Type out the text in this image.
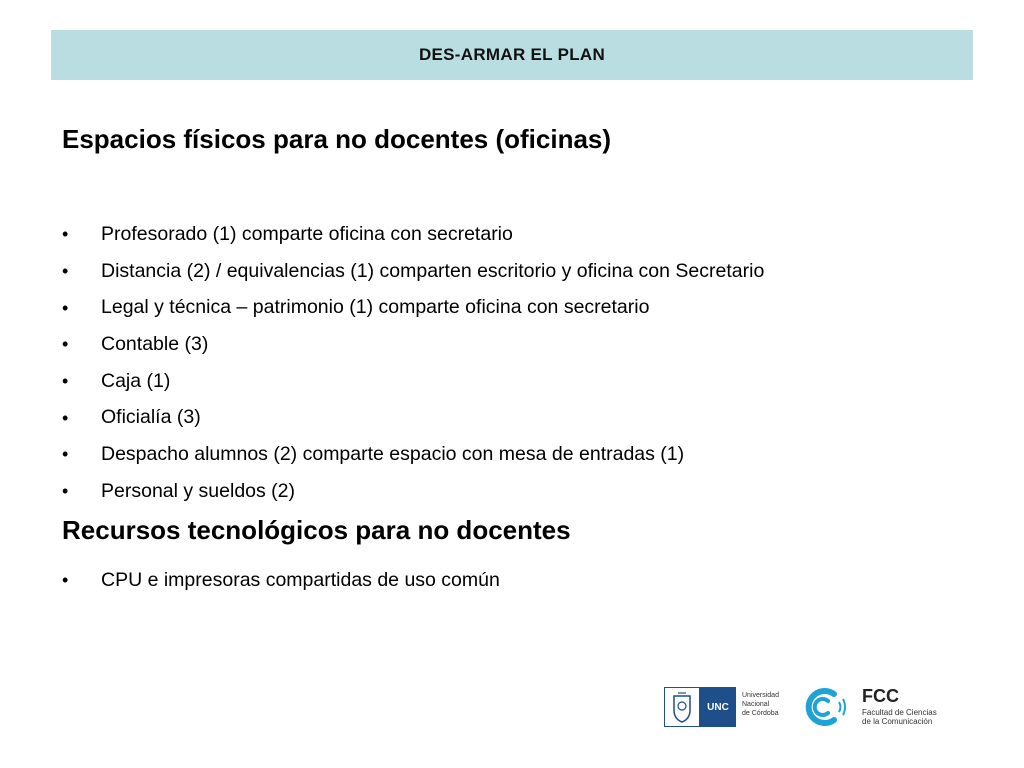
DES-ARMAR EL PLAN
Espacios físicos para no docentes (oficinas)
•	Profesorado (1) comparte oficina con secretario
•	Distancia (2) / equivalencias (1) comparten escritorio y oficina con Secretario
•	Legal y técnica – patrimonio (1) comparte oficina con secretario
•	Contable (3)
•	Caja (1)
•	Oficialía (3)
•	Despacho alumnos (2) comparte espacio con mesa de entradas (1)
•	Personal y sueldos (2)
Recursos tecnológicos para no docentes
•	CPU e impresoras compartidas de uso común
UNC
Universidad
Nacional
de Córdoba
FCC
Facultad de Ciencias
de la Comunicación
